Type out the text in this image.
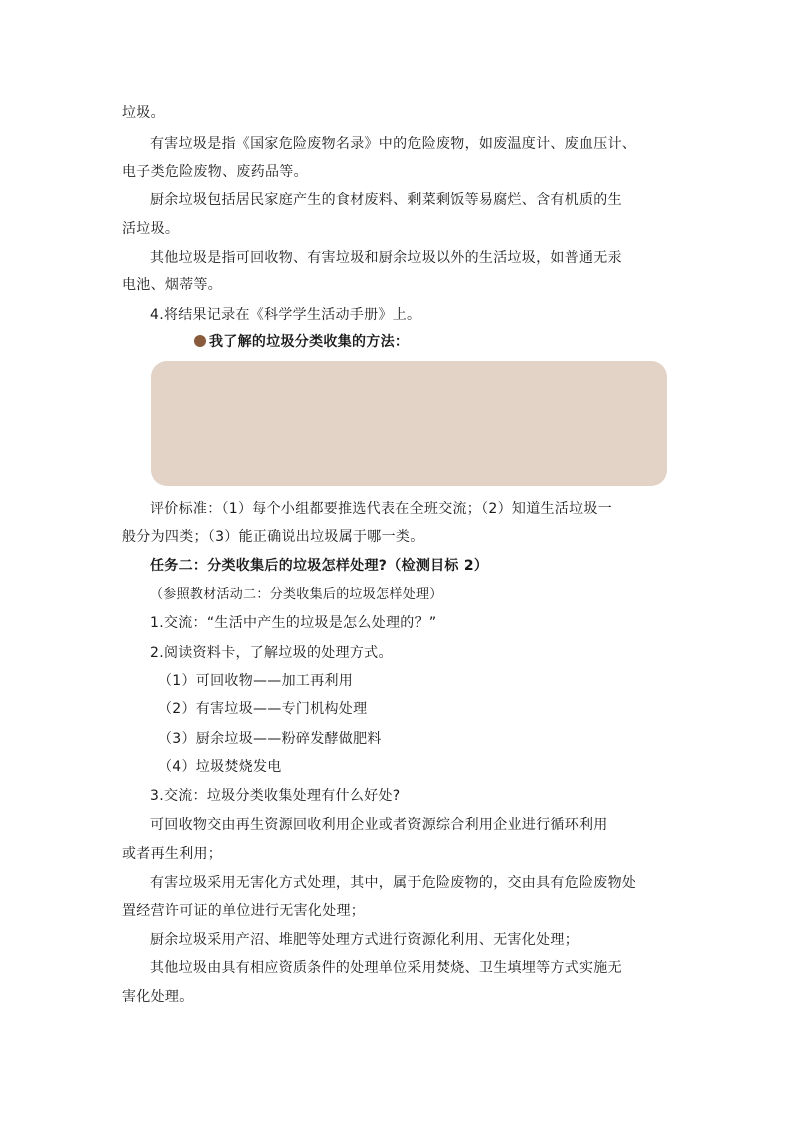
垃圾。
有害垃圾是指《国家危险废物名录》中的危险废物，如废温度计、废血压计、
电子类危险废物、废药品等。
厨余垃圾包括居民家庭产生的食材废料、剩菜剩饭等易腐烂、含有机质的生
活垃圾。
其他垃圾是指可回收物、有害垃圾和厨余垃圾以外的生活垃圾，如普通无汞
电池、烟蒂等。
4.将结果记录在《科学学生活动手册》上。
我了解的垃圾分类收集的方法：
评价标准：（1）每个小组都要推选代表在全班交流；（2）知道生活垃圾一
般分为四类；（3）能正确说出垃圾属于哪一类。
任务二：分类收集后的垃圾怎样处理?（检测目标 2）
（参照教材活动二：分类收集后的垃圾怎样处理）
1.交流：“生活中产生的垃圾是怎么处理的？”
2.阅读资料卡，了解垃圾的处理方式。
（1）可回收物——加工再利用
（2）有害垃圾——专门机构处理
（3）厨余垃圾——粉碎发酵做肥料
（4）垃圾焚烧发电
3.交流：垃圾分类收集处理有什么好处?
可回收物交由再生资源回收利用企业或者资源综合利用企业进行循环利用
或者再生利用；
有害垃圾采用无害化方式处理，其中，属于危险废物的，交由具有危险废物处
置经营许可证的单位进行无害化处理；
厨余垃圾采用产沼、堆肥等处理方式进行资源化利用、无害化处理；
其他垃圾由具有相应资质条件的处理单位采用焚烧、卫生填埋等方式实施无
害化处理。
